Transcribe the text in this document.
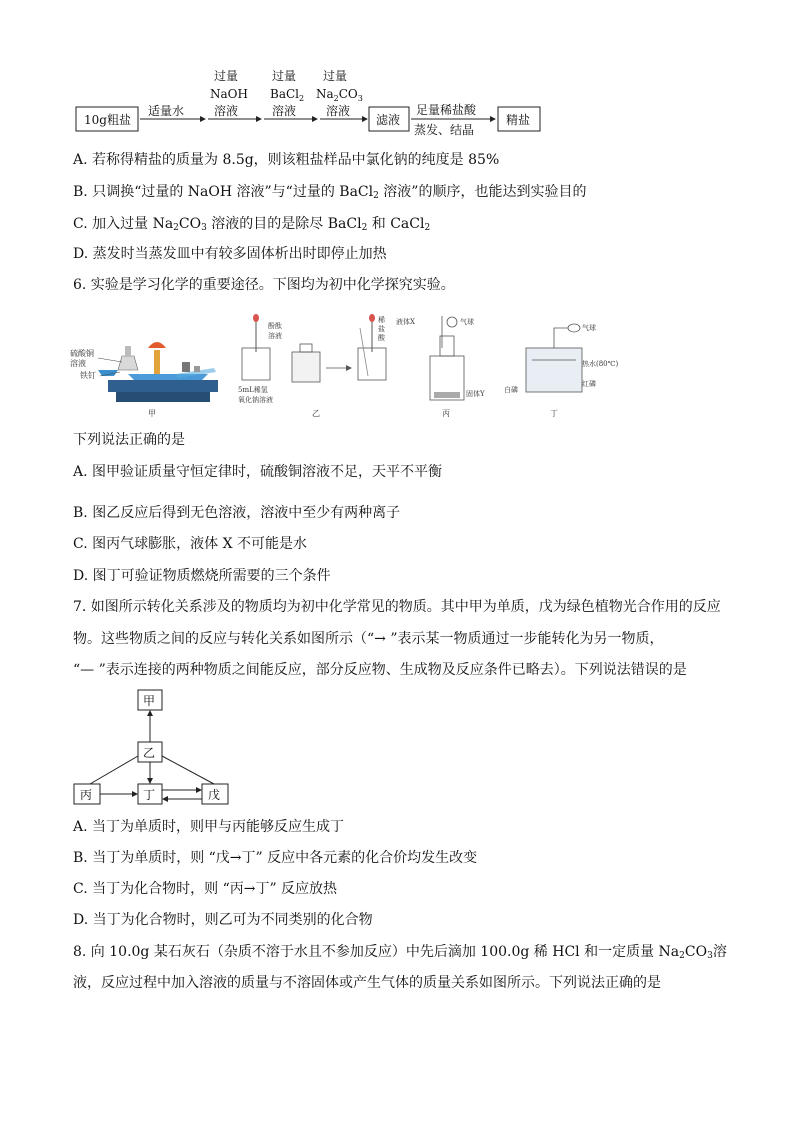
10g粗盐
适量水
过量
NaOH
溶液
过量
BaCl$_2$
溶液
过量
$Na_2CO_3$
溶液
滤液
足量稀盐酸
蒸发、结晶
精盐
A. 若称得精盐的质量为 8.5g，则该粗盐样品中氯化钠的纯度是 85%
B. 只调换“过量的 NaOH 溶液”与“过量的 BaCl$_2$ 溶液”的顺序，也能达到实验目的
C. 加入过量 $Na_2CO_3$ 溶液的目的是除尽 BaCl$_2$ 和 CaCl$_2$
D. 蒸发时当蒸发皿中有较多固体析出时即停止加热
6. 实验是学习化学的重要途径。下图均为初中化学探究实验。
硫酸铜
溶液
铁钉
甲
酚酞
溶液
5mL稀氢
氧化钠溶液
稀
盐
酸
乙
液体X	气球
固体Y
丙
气球
热水(80℃)
白磷
红磷
丁
下列说法正确的是
A. 图甲验证质量守恒定律时，硫酸铜溶液不足，天平不平衡
B. 图乙反应后得到无色溶液，溶液中至少有两种离子
C. 图丙气球膨胀，液体 X 不可能是水
D. 图丁可验证物质燃烧所需要的三个条件
7. 如图所示转化关系涉及的物质均为初中化学常见的物质。其中甲为单质，戊为绿色植物光合作用的反应
物。这些物质之间的反应与转化关系如图所示（“→ ”表示某一物质通过一步能转化为另一物质，
“— ”表示连接的两种物质之间能反应，部分反应物、生成物及反应条件已略去）。下列说法错误的是
甲
乙
丙	丁	戊
A. 当丁为单质时，则甲与丙能够反应生成丁
B. 当丁为单质时，则 “戊→丁” 反应中各元素的化合价均发生改变
C. 当丁为化合物时，则 “丙→丁” 反应放热
D. 当丁为化合物时，则乙可为不同类别的化合物
8. 向 10.0g 某石灰石（杂质不溶于水且不参加反应）中先后滴加 100.0g 稀 HCl 和一定质量 $Na_2CO_3$溶
液，反应过程中加入溶液的质量与不溶固体或产生气体的质量关系如图所示。下列说法正确的是
